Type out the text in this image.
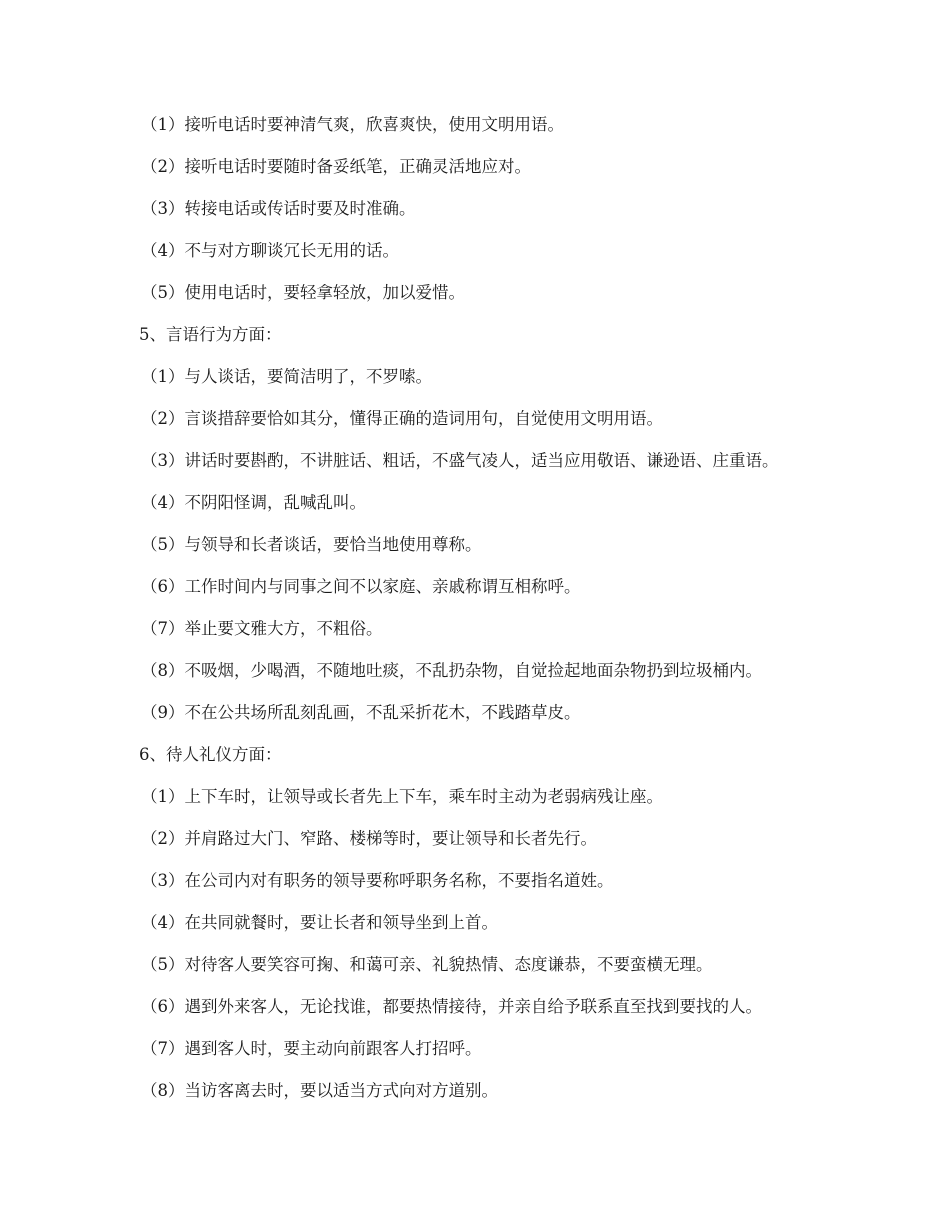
（1）接听电话时要神清气爽，欣喜爽快，使用文明用语。
（2）接听电话时要随时备妥纸笔，正确灵活地应对。
（3）转接电话或传话时要及时准确。
（4）不与对方聊谈冗长无用的话。
（5）使用电话时，要轻拿轻放，加以爱惜。
5、言语行为方面：
（1）与人谈话，要简洁明了，不罗嗦。
（2）言谈措辞要恰如其分，懂得正确的造词用句，自觉使用文明用语。
（3）讲话时要斟酌，不讲脏话、粗话，不盛气凌人，适当应用敬语、谦逊语、庄重语。
（4）不阴阳怪调，乱喊乱叫。
（5）与领导和长者谈话，要恰当地使用尊称。
（6）工作时间内与同事之间不以家庭、亲戚称谓互相称呼。
（7）举止要文雅大方，不粗俗。
（8）不吸烟，少喝酒，不随地吐痰，不乱扔杂物，自觉捡起地面杂物扔到垃圾桶内。
（9）不在公共场所乱刻乱画，不乱采折花木，不践踏草皮。
6、待人礼仪方面：
（1）上下车时，让领导或长者先上下车，乘车时主动为老弱病残让座。
（2）并肩路过大门、窄路、楼梯等时，要让领导和长者先行。
（3）在公司内对有职务的领导要称呼职务名称，不要指名道姓。
（4）在共同就餐时，要让长者和领导坐到上首。
（5）对待客人要笑容可掬、和蔼可亲、礼貌热情、态度谦恭，不要蛮横无理。
（6）遇到外来客人，无论找谁，都要热情接待，并亲自给予联系直至找到要找的人。
（7）遇到客人时，要主动向前跟客人打招呼。
（8）当访客离去时，要以适当方式向对方道别。
